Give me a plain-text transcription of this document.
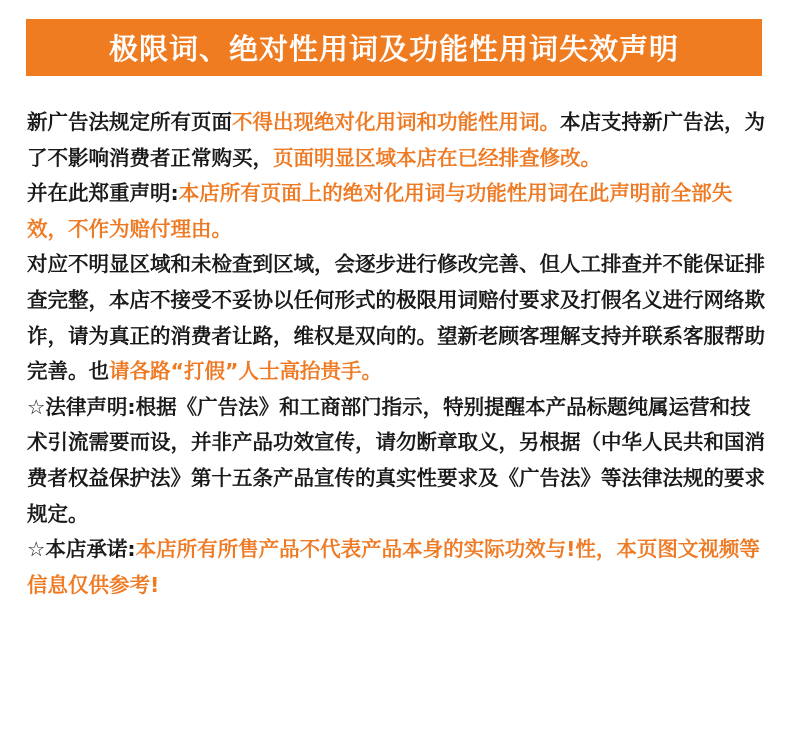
极限词、绝对性用词及功能性用词失效声明

新广告法规定所有页面不得出现绝对化用词和功能性用词。本店支持新广告法，为了不影响消费者正常购买，页面明显区域本店在已经排查修改。

并在此郑重声明:本店所有页面上的绝对化用词与功能性用词在此声明前全部失效，不作为赔付理由。

对应不明显区域和未检查到区域，会逐步进行修改完善、但人工排查并不能保证排查完整，本店不接受不妥协以任何形式的极限用词赔付要求及打假名义进行网络欺诈，请为真正的消费者让路，维权是双向的。望新老顾客理解支持并联系客服帮助完善。也请各路“打假”人士高抬贵手。

☆法律声明:根据《广告法》和工商部门指示，特别提醒本产品标题纯属运营和技术引流需要而设，并非产品功效宣传，请勿断章取义，另根据（中华人民共和国消费者权益保护法》第十五条产品宣传的真实性要求及《广告法》等法律法规的要求规定。

☆本店承诺:本店所有所售产品不代表产品本身的实际功效与!性，本页图文视频等信息仅供参考!
